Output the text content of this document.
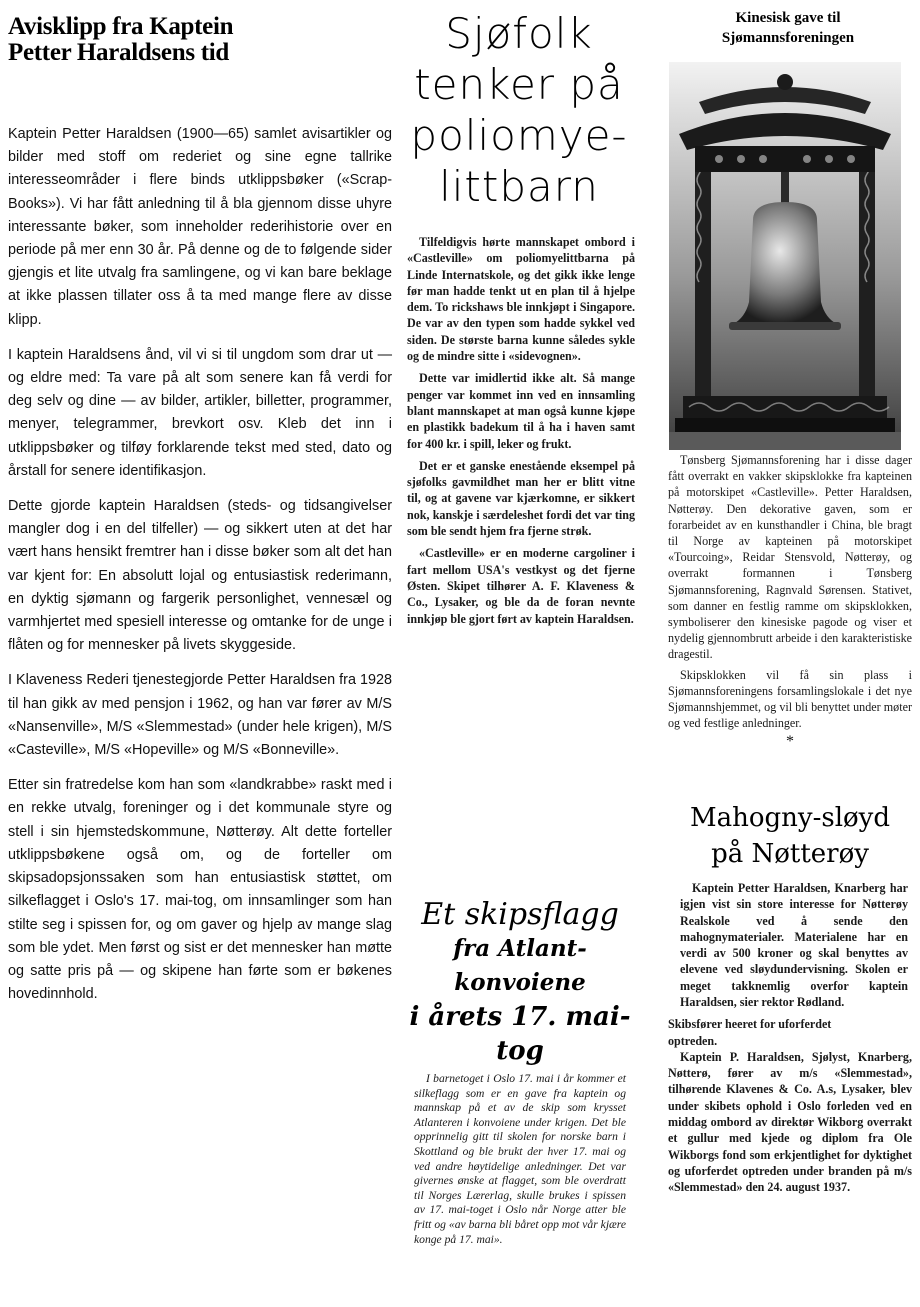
Avisklipp fra Kaptein
Petter Haraldsens tid

Kaptein Petter Haraldsen (1900—65) samlet avisartikler og bilder med stoff om rederiet og sine egne tallrike interesseområder i flere binds utklippsbøker («Scrap-Books»). Vi har fått anledning til å bla gjennom disse uhyre interessante bøker, som inneholder rederihistorie over en periode på mer enn 30 år. På denne og de to følgende sider gjengis et lite utvalg fra samlingene, og vi kan bare beklage at ikke plassen tillater oss å ta med mange flere av disse klipp.

I kaptein Haraldsens ånd, vil vi si til ungdom som drar ut — og eldre med: Ta vare på alt som senere kan få verdi for deg selv og dine — av bilder, artikler, billetter, programmer, menyer, telegrammer, brevkort osv. Kleb det inn i utklippsbøker og tilføy forklarende tekst med sted, dato og årstall for senere identifikasjon.

Dette gjorde kaptein Haraldsen (steds- og tidsangivelser mangler dog i en del tilfeller) — og sikkert uten at det har vært hans hensikt fremtrer han i disse bøker som alt det han var kjent for: En absolutt lojal og entusiastisk rederimann, en dyktig sjømann og fargerik personlighet, vennesæl og varmhjertet med spesiell interesse og omtanke for de unge i flåten og for mennesker på livets skyggeside.

I Klaveness Rederi tjenestegjorde Petter Haraldsen fra 1928 til han gikk av med pensjon i 1962, og han var fører av M/S «Nansenville», M/S «Slemmestad» (under hele krigen), M/S «Casteville», M/S «Hopeville» og M/S «Bonneville».

Etter sin fratredelse kom han som «landkrabbe» raskt med i en rekke utvalg, foreninger og i det kommunale styre og stell i sin hjemstedskommune, Nøtterøy. Alt dette forteller utklippsbøkene også om, og de forteller om skipsadopsjonssaken som han entusiastisk støttet, om silkeflagget i Oslo's 17. mai-tog, om innsamlinger som han stilte seg i spissen for, og om gaver og hjelp av mange slag som ble ydet. Men først og sist er det mennesker han møtte og satte pris på — og skipene han førte som er bøkenes hovedinnhold.

Sjøfolk
tenker på
poliomye-
littbarn

Tilfeldigvis hørte mannskapet ombord i «Castleville» om poliomyelittbarna på Linde Internatskole, og det gikk ikke lenge før man hadde tenkt ut en plan til å hjelpe dem. To rickshaws ble innkjøpt i Singapore. De var av den typen som hadde sykkel ved siden. De største barna kunne således sykle og de mindre sitte i «sidevognen».

Dette var imidlertid ikke alt. Så mange penger var kommet inn ved en innsamling blant mannskapet at man også kunne kjøpe en plastikk badekum til å ha i haven samt for 400 kr. i spill, leker og frukt.

Det er et ganske enestående eksempel på sjøfolks gavmildhet man her er blitt vitne til, og at gavene var kjærkomne, er sikkert nok, kanskje i særdeleshet fordi det var ting som ble sendt hjem fra fjerne strøk.

«Castleville» er en moderne cargoliner i fart mellom USA's vestkyst og det fjerne Østen. Skipet tilhører A. F. Klaveness & Co., Lysaker, og ble da de foran nevnte innkjøp ble gjort ført av kaptein Haraldsen.

Et skipsflagg
fra Atlant-konvoiene
i årets 17. mai-tog

I barnetoget i Oslo 17. mai i år kommer et silkeflagg som er en gave fra kaptein og mannskap på et av de skip som krysset Atlanteren i konvoiene under krigen. Det ble opprinnelig gitt til skolen for norske barn i Skottland og ble brukt der hver 17. mai og ved andre høytidelige anledninger. Det var givernes ønske at flagget, som ble overdratt til Norges Lærerlag, skulle brukes i spissen av 17. mai-toget i Oslo når Norge atter ble fritt og «av barna bli båret opp mot vår kjære konge på 17. mai».

Kinesisk gave til
Sjømannsforeningen

Tønsberg Sjømannsforening har i disse dager fått overrakt en vakker skipsklokke fra kapteinen på motorskipet «Castleville». Petter Haraldsen, Nøtterøy. Den dekorative gaven, som er forarbeidet av en kunsthandler i China, ble bragt til Norge av kapteinen på motorskipet «Tourcoing», Reidar Stensvold, Nøtterøy, og overrakt formannen i Tønsberg Sjømannsforening, Ragnvald Sørensen. Stativet, som danner en festlig ramme om skipsklokken, symboliserer den kinesiske pagode og viser et nydelig gjennombrutt arbeide i den karakteristiske dragestil.

Skipsklokken vil få sin plass i Sjømannsforeningens forsamlingslokale i det nye Sjømannshjemmet, og vil bli benyttet under møter og ved festlige anledninger.

*
Mahogny-sløyd
på Nøtterøy

Kaptein Petter Haraldsen, Knarberg har igjen vist sin store interesse for Nøtterøy Realskole ved å sende den mahognymaterialer. Materialene har en verdi av 500 kroner og skal benyttes av elevene ved sløydundervisning. Skolen er meget takknemlig overfor kaptein Haraldsen, sier rektor Rødland.

Skibsfører heeret for uforferdet
optreden.

Kaptein P. Haraldsen, Sjølyst, Knarberg, Nøtterø, fører av m/s «Slemmestad», tilhørende Klavenes & Co. A.s, Lysaker, blev under skibets ophold i Oslo forleden ved en middag ombord av direktør Wikborg overrakt et gullur med kjede og diplom fra Ole Wikborgs fond som erkjentlighet for dyktighet og uforferdet optreden under branden på m/s «Slemmestad» den 24. august 1937.
